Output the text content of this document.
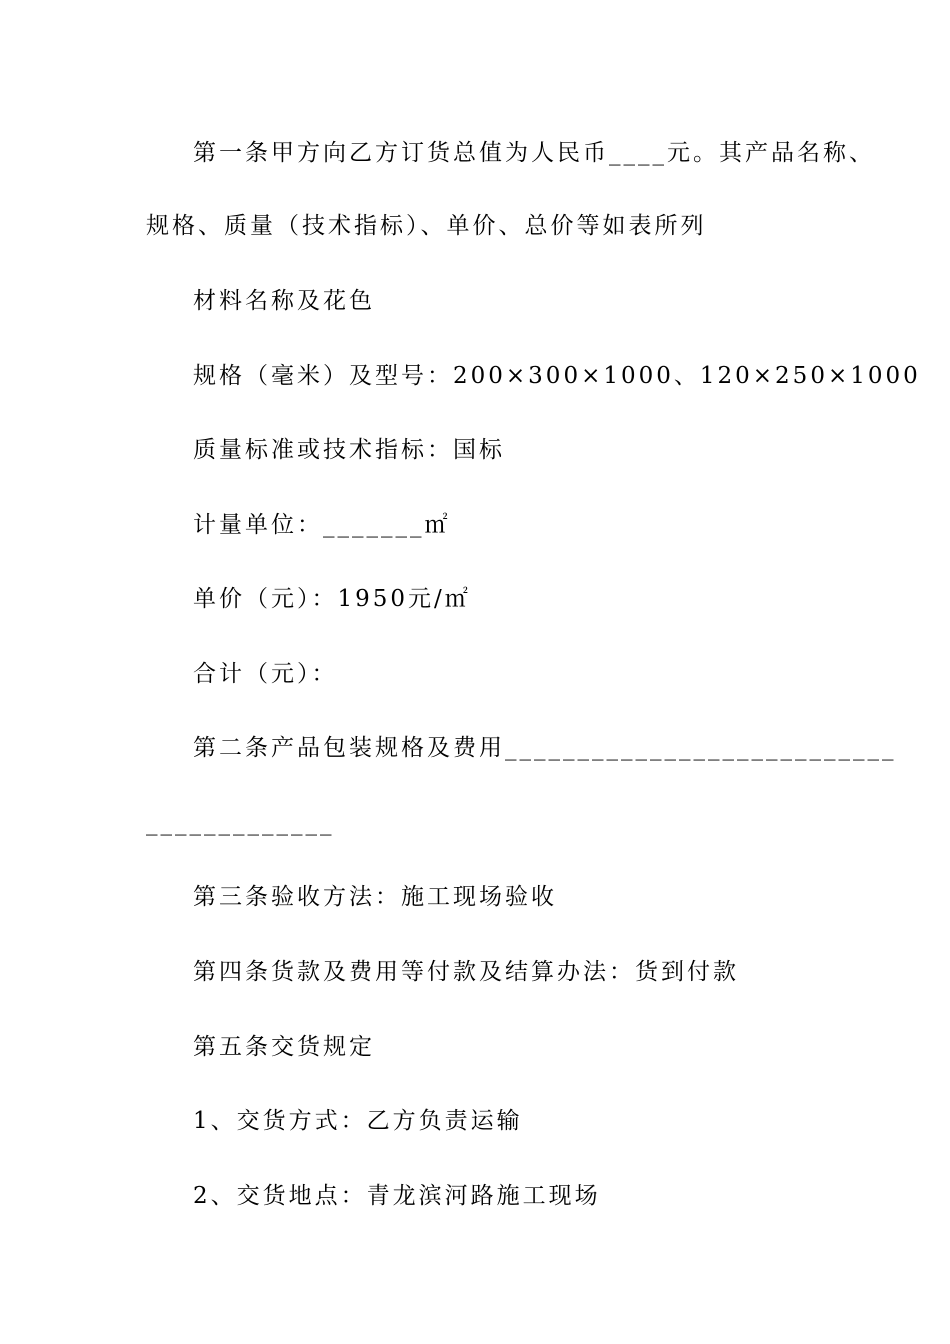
第一条甲方向乙方订货总值为人民币____元。其产品名称、
规格、质量（技术指标）、单价、总价等如表所列
材料名称及花色
规格（毫米）及型号：200×300×1000、120×250×1000
质量标准或技术指标：国标
计量单位：_______㎡
单价（元）：1950元/㎡
合计（元）：
第二条产品包装规格及费用___________________________
_____________
第三条验收方法：施工现场验收
第四条货款及费用等付款及结算办法：货到付款
第五条交货规定
1、交货方式：乙方负责运输
2、交货地点：青龙滨河路施工现场
